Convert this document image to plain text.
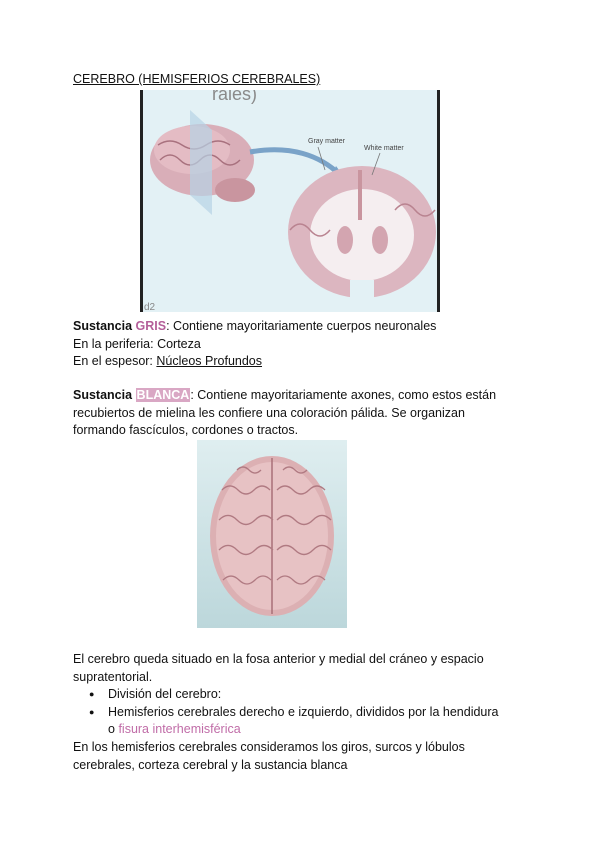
CEREBRO (HEMISFERIOS CEREBRALES)
rales)
Gray matter
White matter
d2
Sustancia GRIS: Contiene mayoritariamente cuerpos neuronales
En la periferia: Corteza
En el espesor: Núcleos Profundos
Sustancia BLANCA: Contiene mayoritariamente axones, como estos están
recubiertos de mielina les confiere una coloración pálida. Se organizan
formando fascículos, cordones o tractos.
El cerebro queda situado en la fosa anterior y medial del cráneo y espacio
supratentorial.
● División del cerebro:
● Hemisferios cerebrales derecho e izquierdo, divididos por la hendidura
o fisura interhemisférica
En los hemisferios cerebrales consideramos los giros, surcos y lóbulos
cerebrales, corteza cerebral y la sustancia blanca
